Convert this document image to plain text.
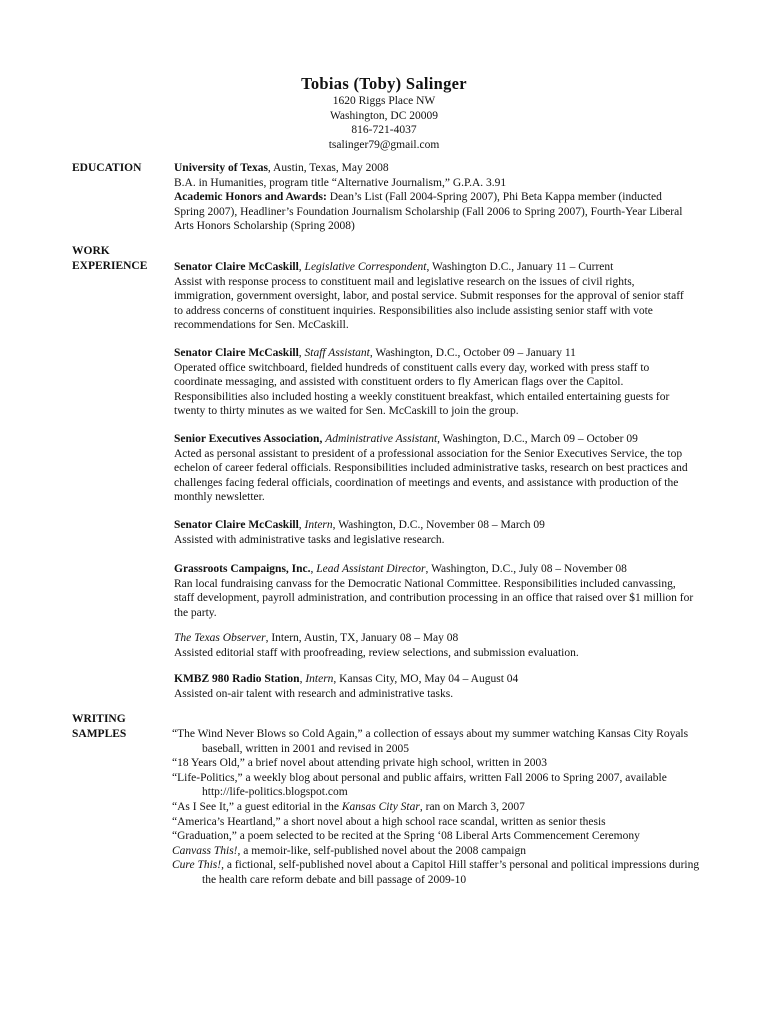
Tobias (Toby) Salinger
1620 Riggs Place NW
Washington, DC 20009
816-721-4037
tsalinger79@gmail.com
EDUCATION	University of Texas, Austin, Texas, May 2008
B.A. in Humanities, program title “Alternative Journalism,” G.P.A. 3.91
Academic Honors and Awards: Dean’s List (Fall 2004-Spring 2007), Phi Beta Kappa member (inducted Spring 2007), Headliner’s Foundation Journalism Scholarship (Fall 2006 to Spring 2007), Fourth-Year Liberal Arts Honors Scholarship (Spring 2008)
WORK
EXPERIENCE	Senator Claire McCaskill, Legislative Correspondent, Washington D.C., January 11 – Current
Assist with response process to constituent mail and legislative research on the issues of civil rights, immigration, government oversight, labor, and postal service. Submit responses for the approval of senior staff to address concerns of constituent inquiries. Responsibilities also include assisting senior staff with vote recommendations for Sen. McCaskill.
Senator Claire McCaskill, Staff Assistant, Washington, D.C., October 09 – January 11
Operated office switchboard, fielded hundreds of constituent calls every day, worked with press staff to coordinate messaging, and assisted with constituent orders to fly American flags over the Capitol. Responsibilities also included hosting a weekly constituent breakfast, which entailed entertaining guests for twenty to thirty minutes as we waited for Sen. McCaskill to join the group.
Senior Executives Association, Administrative Assistant, Washington, D.C., March 09 – October 09
Acted as personal assistant to president of a professional association for the Senior Executives Service, the top echelon of career federal officials. Responsibilities included administrative tasks, research on best practices and challenges facing federal officials, coordination of meetings and events, and assistance with production of the monthly newsletter.
Senator Claire McCaskill, Intern, Washington, D.C., November 08 – March 09
Assisted with administrative tasks and legislative research.
Grassroots Campaigns, Inc., Lead Assistant Director, Washington, D.C., July 08 – November 08
Ran local fundraising canvass for the Democratic National Committee. Responsibilities included canvassing, staff development, payroll administration, and contribution processing in an office that raised over $1 million for the party.
The Texas Observer, Intern, Austin, TX, January 08 – May 08
Assisted editorial staff with proofreading, review selections, and submission evaluation.
KMBZ 980 Radio Station, Intern, Kansas City, MO, May 04 – August 04
Assisted on-air talent with research and administrative tasks.
WRITING
SAMPLES	“The Wind Never Blows so Cold Again,” a collection of essays about my summer watching Kansas City Royals baseball, written in 2001 and revised in 2005
“18 Years Old,” a brief novel about attending private high school, written in 2003
“Life-Politics,” a weekly blog about personal and public affairs, written Fall 2006 to Spring 2007, available http://life-politics.blogspot.com
“As I See It,” a guest editorial in the Kansas City Star, ran on March 3, 2007
“America’s Heartland,” a short novel about a high school race scandal, written as senior thesis
“Graduation,” a poem selected to be recited at the Spring ‘08 Liberal Arts Commencement Ceremony
Canvass This!, a memoir-like, self-published novel about the 2008 campaign
Cure This!, a fictional, self-published novel about a Capitol Hill staffer’s personal and political impressions during the health care reform debate and bill passage of 2009-10
